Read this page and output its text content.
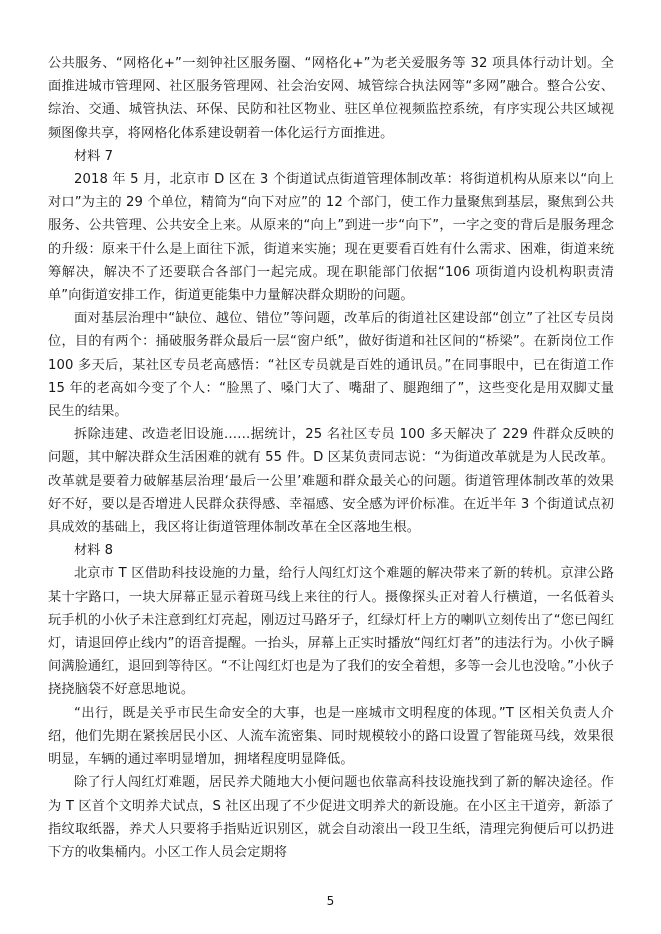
公共服务、“网格化+”一刻钟社区服务圈、“网格化+”为老关爱服务等 32 项具体行动计划。全面推进城市管理网、社区服务管理网、社会治安网、城管综合执法网等“多网”融合。整合公安、综治、交通、城管执法、环保、民防和社区物业、驻区单位视频监控系统，有序实现公共区域视频图像共享，将网格化体系建设朝着一体化运行方面推进。

材料 7

2018 年 5 月，北京市 D 区在 3 个街道试点街道管理体制改革：将街道机构从原来以“向上对口”为主的 29 个单位，精简为“向下对应”的 12 个部门，使工作力量聚焦到基层，聚焦到公共服务、公共管理、公共安全上来。从原来的“向上”到进一步“向下”，一字之变的背后是服务理念的升级：原来干什么是上面往下派，街道来实施；现在更要看百姓有什么需求、困难，街道来统筹解决，解决不了还要联合各部门一起完成。现在职能部门依据“106 项街道内设机构职责清单”向街道安排工作，街道更能集中力量解决群众期盼的问题。

面对基层治理中“缺位、越位、错位”等问题，改革后的街道社区建设部“创立”了社区专员岗位，目的有两个：捅破服务群众最后一层“窗户纸”，做好街道和社区间的“桥梁”。在新岗位工作 100 多天后，某社区专员老高感悟：“社区专员就是百姓的通讯员。”在同事眼中，已在街道工作 15 年的老高如今变了个人：“脸黑了、嗓门大了、嘴甜了、腿跑细了”，这些变化是用双脚丈量民生的结果。

拆除违建、改造老旧设施……据统计，25 名社区专员 100 多天解决了 229 件群众反映的问题，其中解决群众生活困难的就有 55 件。D 区某负责同志说：“为街道改革就是为人民改革。改革就是要着力破解基层治理‘最后一公里’难题和群众最关心的问题。街道管理体制改革的效果好不好，要以是否增进人民群众获得感、幸福感、安全感为评价标准。在近半年 3 个街道试点初具成效的基础上，我区将让街道管理体制改革在全区落地生根。

材料 8

北京市 T 区借助科技设施的力量，给行人闯红灯这个难题的解决带来了新的转机。京津公路某十字路口，一块大屏幕正显示着斑马线上来往的行人。摄像探头正对着人行横道，一名低着头玩手机的小伙子未注意到红灯亮起，刚迈过马路牙子，红绿灯杆上方的喇叭立刻传出了“您已闯红灯，请退回停止线内”的语音提醒。一抬头，屏幕上正实时播放“闯红灯者”的违法行为。小伙子瞬间满脸通红，退回到等待区。“不让闯红灯也是为了我们的安全着想，多等一会儿也没啥。”小伙子挠挠脑袋不好意思地说。

“出行，既是关乎市民生命安全的大事，也是一座城市文明程度的体现。”T 区相关负责人介绍，他们先期在紧挨居民小区、人流车流密集、同时规模较小的路口设置了智能斑马线，效果很明显，车辆的通过率明显增加，拥堵程度明显降低。

除了行人闯红灯难题，居民养犬随地大小便问题也依靠高科技设施找到了新的解决途径。作为 T 区首个文明养犬试点，S 社区出现了不少促进文明养犬的新设施。在小区主干道旁，新添了指纹取纸器，养犬人只要将手指贴近识别区，就会自动滚出一段卫生纸，清理完狗便后可以扔进下方的收集桶内。小区工作人员会定期将

5
